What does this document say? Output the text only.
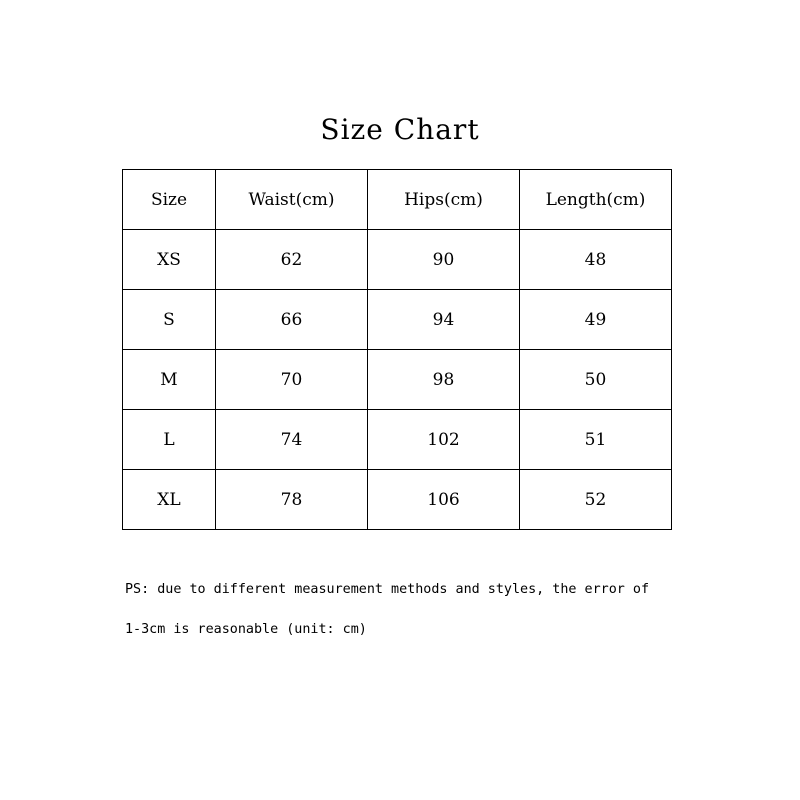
Size Chart
Size	Waist(cm)	Hips(cm)	Length(cm)
XS	62	90	48
S	66	94	49
M	70	98	50
L	74	102	51
XL	78	106	52

PS: due to different measurement methods and styles, the error of

1-3cm is reasonable (unit: cm)
